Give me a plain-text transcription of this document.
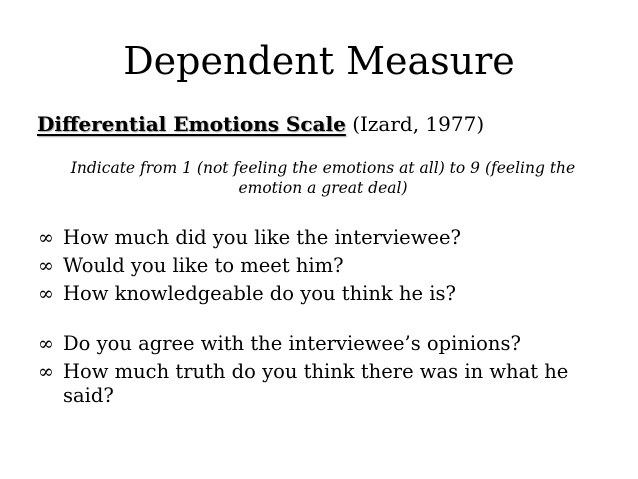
Dependent Measure
Differential Emotions Scale (Izard, 1977)
Indicate from 1 (not feeling the emotions at all) to 9 (feeling the emotion a great deal)
∞ How much did you like the interviewee?
∞ Would you like to meet him?
∞ How knowledgeable do you think he is?
∞ Do you agree with the interviewee’s opinions?
∞ How much truth do you think there was in what he said?
